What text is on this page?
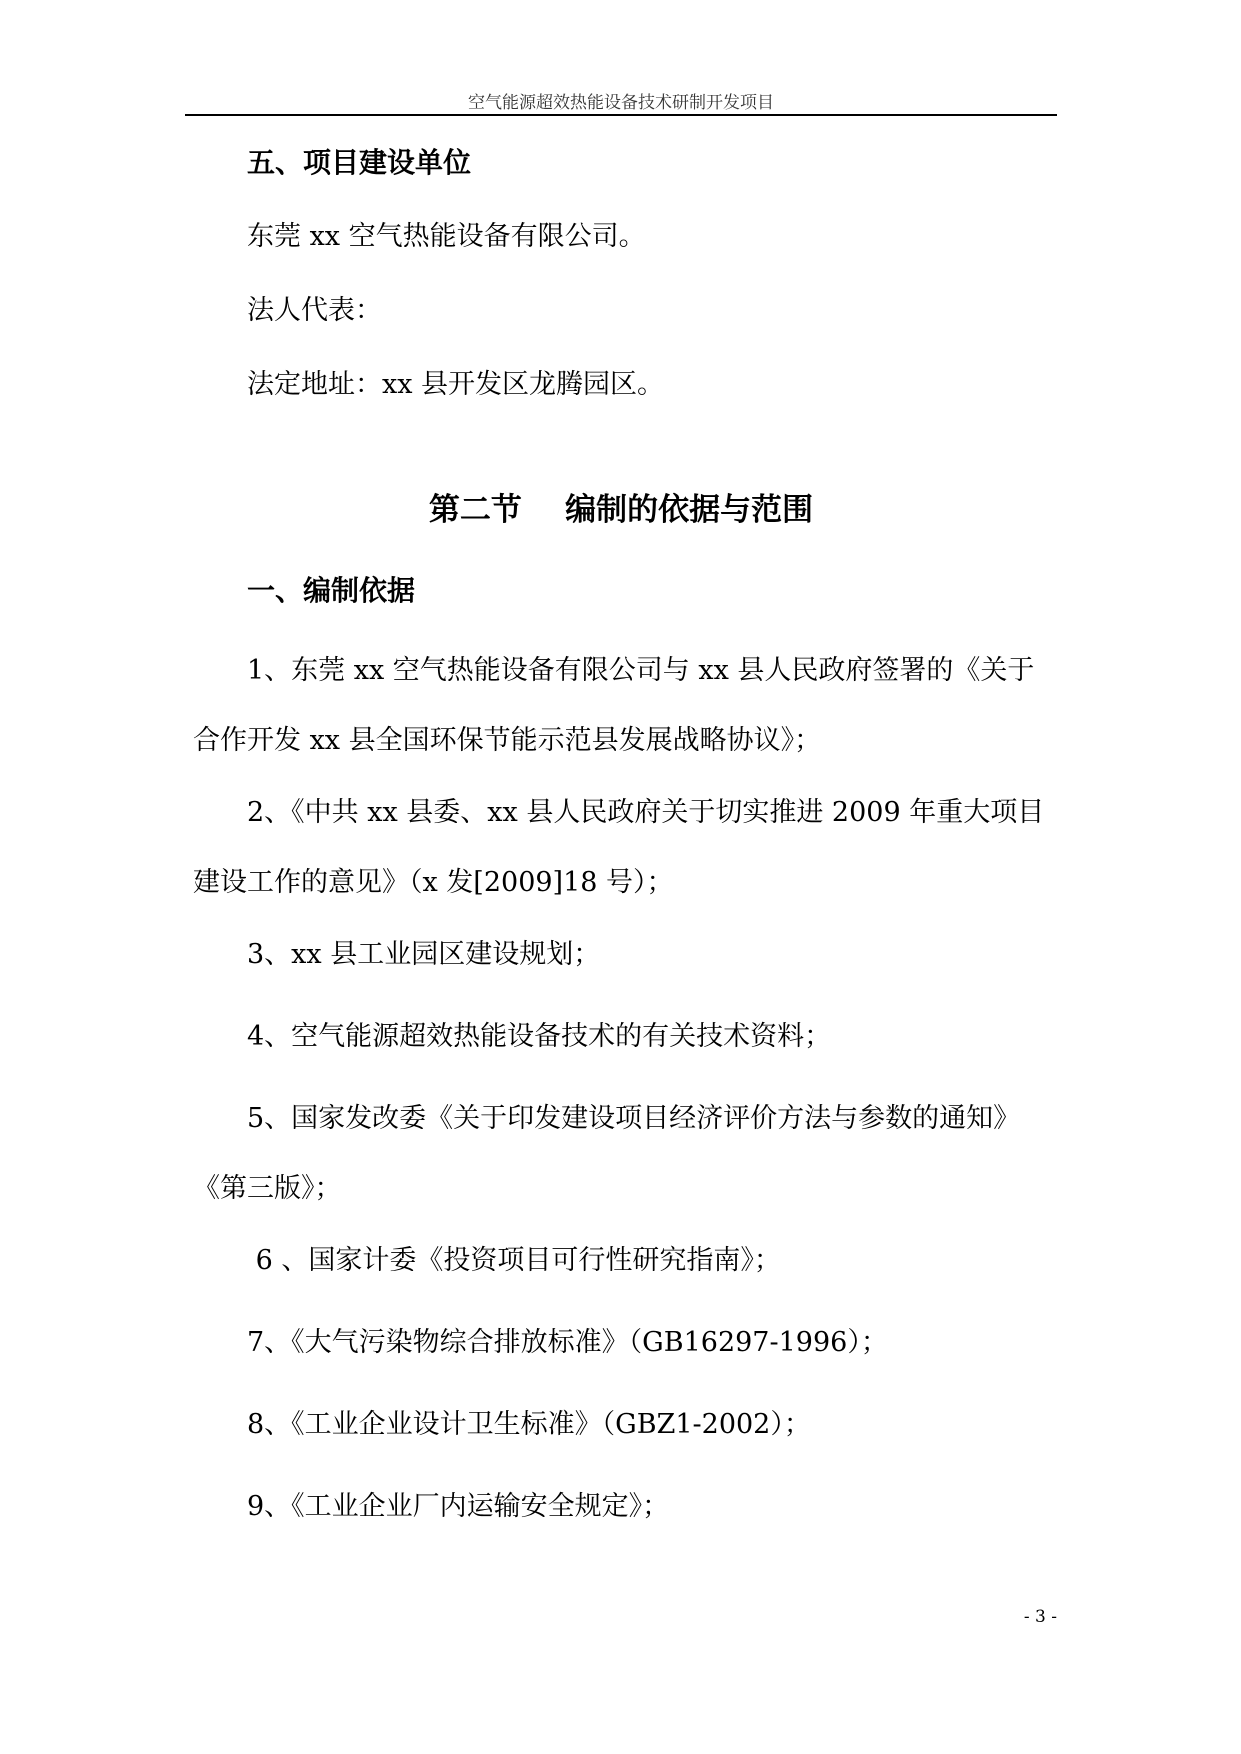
空气能源超效热能设备技术研制开发项目
五、项目建设单位
东莞 xx 空气热能设备有限公司。
法人代表：
法定地址：xx 县开发区龙腾园区。
第二节    编制的依据与范围
一、编制依据
1、东莞 xx 空气热能设备有限公司与 xx 县人民政府签署的《关于合作开发 xx 县全国环保节能示范县发展战略协议》；
2、《中共 xx 县委、xx 县人民政府关于切实推进 2009 年重大项目建设工作的意见》（x 发[2009]18 号）；
3、xx 县工业园区建设规划；
4、空气能源超效热能设备技术的有关技术资料；
5、国家发改委《关于印发建设项目经济评价方法与参数的通知》《第三版》；
6 、国家计委《投资项目可行性研究指南》；
7、《大气污染物综合排放标准》（GB16297-1996）；
8、《工业企业设计卫生标准》（GBZ1-2002）；
9、《工业企业厂内运输安全规定》；
- 3 -
